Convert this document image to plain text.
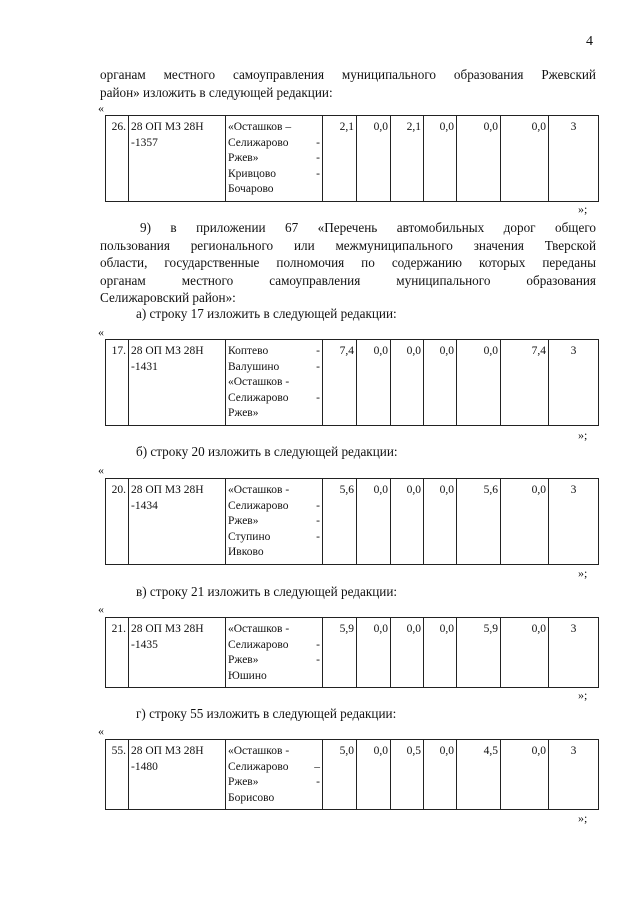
4
органам местного самоуправления муниципального образования Ржевский
район» изложить в следующей редакции:
«
26.	28 ОП МЗ 28Н
-1357

«Осташков –
Селижарово -
Ржев»	-
Кривцово	-
Бочарово
	2,1	0,0	2,1	0,0	0,0	0,0	3
»;
9) в приложении 67 «Перечень автомобильных дорог общего
пользования регионального или межмуниципального значения Тверской
области, государственные полномочия по содержанию которых переданы
органам местного самоуправления муниципального образования
Селижаровский район»:
а) строку 17 изложить в следующей редакции:
«
17.	28 ОП МЗ 28Н
-1431

Коптево	-
Валушино	-
«Осташков -
Селижарово -
Ржев»
	7,4	0,0	0,0	0,0	0,0	7,4	3
»;
б) строку 20 изложить в следующей редакции:
«
20.	28 ОП МЗ 28Н
-1434

«Осташков -
Селижарово -
Ржев»	-
Ступино	-
Ивково
	5,6	0,0	0,0	0,0	5,6	0,0	3
»;
в) строку 21 изложить в следующей редакции:
«
21.	28 ОП МЗ 28Н
-1435

«Осташков -
Селижарово -
Ржев»	-
Юшино
	5,9	0,0	0,0	0,0	5,9	0,0	3
»;
г) строку 55 изложить в следующей редакции:
«
55.	28 ОП МЗ 28Н
-1480

«Осташков -
Селижарово –
Ржев»	-
Борисово
	5,0	0,0	0,5	0,0	4,5	0,0	3
»;
